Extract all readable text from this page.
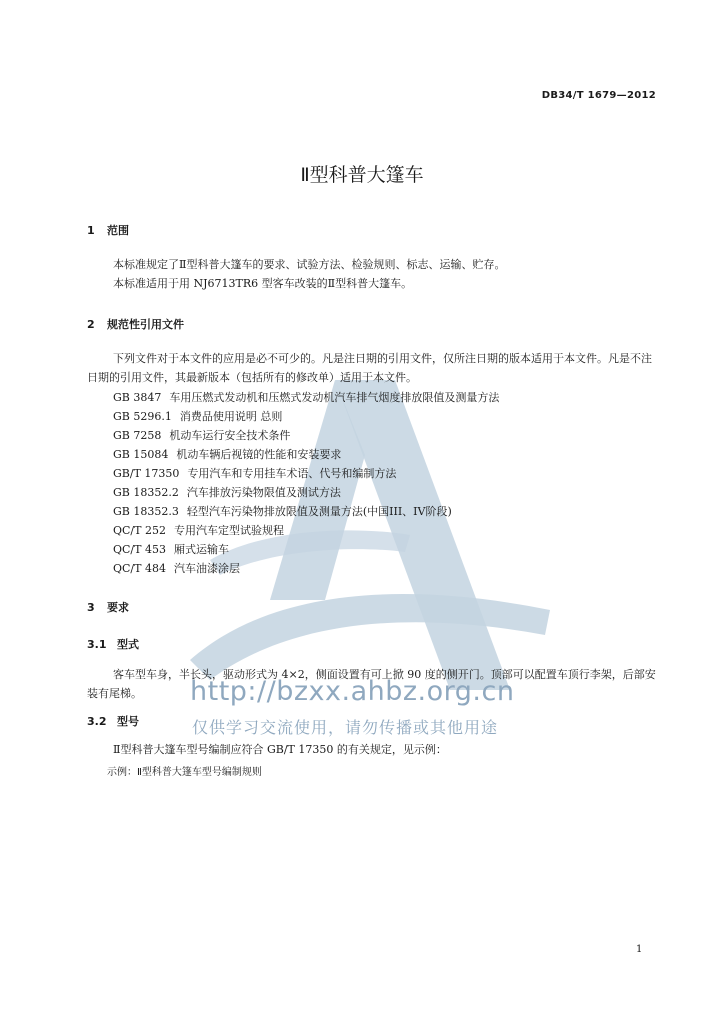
http://bzxx.ahbz.org.cn
仅供学习交流使用，请勿传播或其他用途
DB34/T 1679—2012
Ⅱ型科普大篷车
1 范围
本标准规定了Ⅱ型科普大篷车的要求、试验方法、检验规则、标志、运输、贮存。
本标准适用于用 NJ6713TR6 型客车改装的Ⅱ型科普大篷车。
2 规范性引用文件
下列文件对于本文件的应用是必不可少的。凡是注日期的引用文件，仅所注日期的版本适用于本文件。凡是不注日期的引用文件，其最新版本（包括所有的修改单）适用于本文件。
GB 3847 车用压燃式发动机和压燃式发动机汽车排气烟度排放限值及测量方法
GB 5296.1 消费品使用说明 总则
GB 7258 机动车运行安全技术条件
GB 15084 机动车辆后视镜的性能和安装要求
GB/T 17350 专用汽车和专用挂车术语、代号和编制方法
GB 18352.2 汽车排放污染物限值及测试方法
GB 18352.3 轻型汽车污染物排放限值及测量方法(中国III、IV阶段)
QC/T 252 专用汽车定型试验规程
QC/T 453 厢式运输车
QC/T 484 汽车油漆涂层
3 要求
3.1 型式
客车型车身，半长头，驱动形式为 4×2，侧面设置有可上掀 90 度的侧开门。顶部可以配置车顶行李架，后部安装有尾梯。
3.2 型号
Ⅱ型科普大篷车型号编制应符合 GB/T 17350 的有关规定，见示例：
示例：Ⅱ型科普大篷车型号编制规则
1
